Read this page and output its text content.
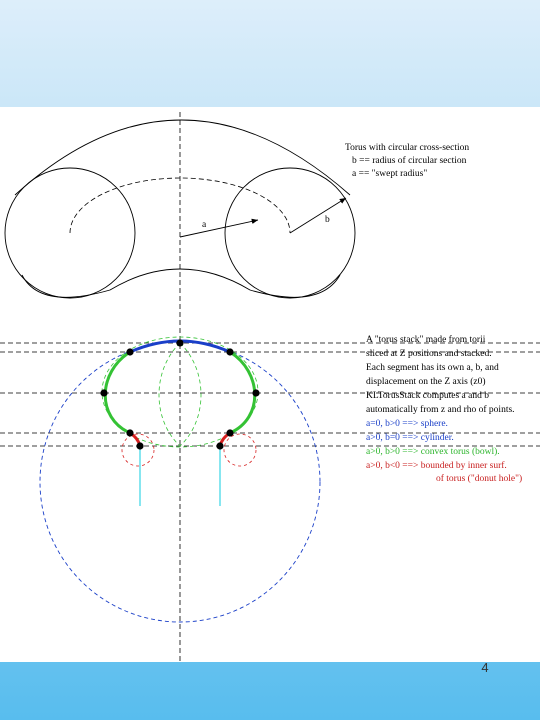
a	b
Torus with circular cross-section
b == radius of circular section
a == "swept radius"
A "torus stack" made from torii
sliced at Z positions and stacked.
Each segment has its own a, b, and
displacement on the Z axis (z0)
KLTorusStack computes a and b
automatically from z and rho of points.
a=0, b>0 ==> sphere.
a>0, b=0 ==> cylinder.
a>0, b>0 ==> convex torus (bowl).
a>0, b<0 ==> bounded by inner surf.
of torus ("donut hole")
4
